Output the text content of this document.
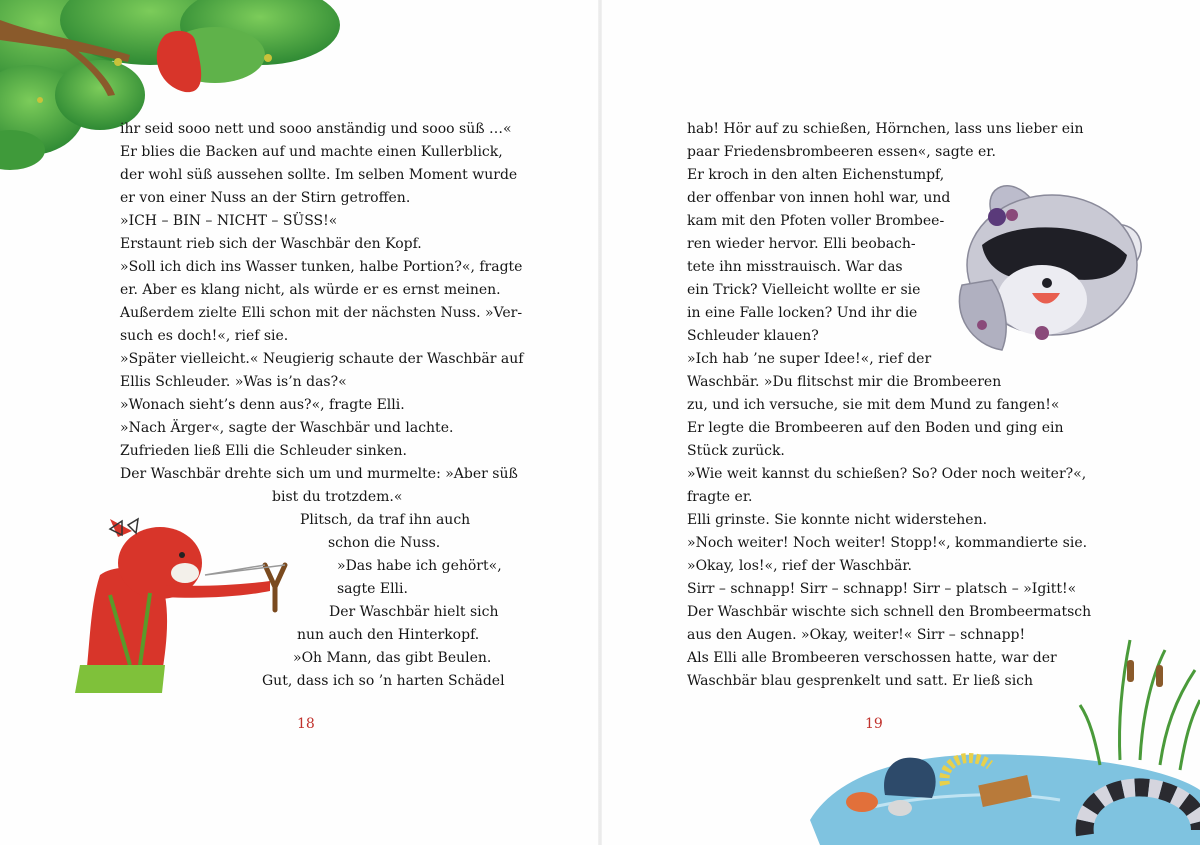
ihr seid sooo nett und sooo anständig und sooo süß …«
Er blies die Backen auf und machte einen Kullerblick,
der wohl süß aussehen sollte. Im selben Moment wurde
er von einer Nuss an der Stirn getroffen.
»ICH – BIN – NICHT – SÜSS!«
Erstaunt rieb sich der Waschbär den Kopf.
»Soll ich dich ins Wasser tunken, halbe Portion?«, fragte
er. Aber es klang nicht, als würde er es ernst meinen.
Außerdem zielte Elli schon mit der nächsten Nuss. »Ver-
such es doch!«, rief sie.
»Später vielleicht.« Neugierig schaute der Waschbär auf
Ellis Schleuder. »Was is’n das?«
»Wonach sieht’s denn aus?«, fragte Elli.
»Nach Ärger«, sagte der Waschbär und lachte.
Zufrieden ließ Elli die Schleuder sinken.
Der Waschbär drehte sich um und murmelte: »Aber süß
bist du trotzdem.«
Plitsch, da traf ihn auch
schon die Nuss.
»Das habe ich gehört«,
sagte Elli.
Der Waschbär hielt sich
nun auch den Hinterkopf.
»Oh Mann, das gibt Beulen.
Gut, dass ich so ’n harten Schädel
18
hab! Hör auf zu schießen, Hörnchen, lass uns lieber ein
paar Friedensbrombeeren essen«, sagte er.
Er kroch in den alten Eichenstumpf,
der offenbar von innen hohl war, und
kam mit den Pfoten voller Brombee-
ren wieder hervor. Elli beobach-
tete ihn misstrauisch. War das
ein Trick? Vielleicht wollte er sie
in eine Falle locken? Und ihr die
Schleuder klauen?
»Ich hab ’ne super Idee!«, rief der
Waschbär. »Du flitschst mir die Brombeeren
zu, und ich versuche, sie mit dem Mund zu fangen!«
Er legte die Brombeeren auf den Boden und ging ein
Stück zurück.
»Wie weit kannst du schießen? So? Oder noch weiter?«,
fragte er.
Elli grinste. Sie konnte nicht widerstehen.
»Noch weiter! Noch weiter! Stopp!«, kommandierte sie.
»Okay, los!«, rief der Waschbär.
Sirr – schnapp! Sirr – schnapp! Sirr – platsch – »Igitt!«
Der Waschbär wischte sich schnell den Brombeermatsch
aus den Augen. »Okay, weiter!« Sirr – schnapp!
Als Elli alle Brombeeren verschossen hatte, war der
Waschbär blau gesprenkelt und satt. Er ließ sich
19
